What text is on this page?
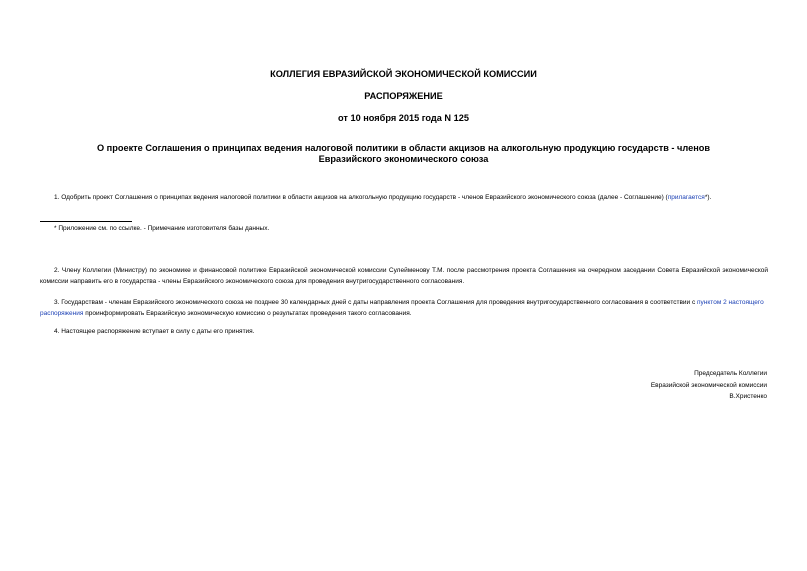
КОЛЛЕГИЯ ЕВРАЗИЙСКОЙ ЭКОНОМИЧЕСКОЙ КОМИССИИ
РАСПОРЯЖЕНИЕ
от 10 ноября 2015 года N 125
О проекте Соглашения о принципах ведения налоговой политики в области акцизов на алкогольную продукцию государств - членов Евразийского экономического союза
1. Одобрить проект Соглашения о принципах ведения налоговой политики в области акцизов на алкогольную продукцию государств - членов Евразийского экономического союза (далее - Соглашение) (прилагается*).
* Приложение см. по ссылке. - Примечание изготовителя базы данных.
2. Члену Коллегии (Министру) по экономике и финансовой политике Евразийской экономической комиссии Сулейменову Т.М. после рассмотрения проекта Соглашения на очередном заседании Совета Евразийской экономической комиссии направить его в государства - члены Евразийского экономического союза для проведения внутригосударственного согласования.
3. Государствам - членам Евразийского экономического союза не позднее 30 календарных дней с даты направления проекта Соглашения для проведения внутригосударственного согласования в соответствии с пунктом 2 настоящего распоряжения проинформировать Евразийскую экономическую комиссию о результатах проведения такого согласования.
4. Настоящее распоряжение вступает в силу с даты его принятия.
Председатель Коллегии
Евразийской экономической комиссии
В.Христенко
